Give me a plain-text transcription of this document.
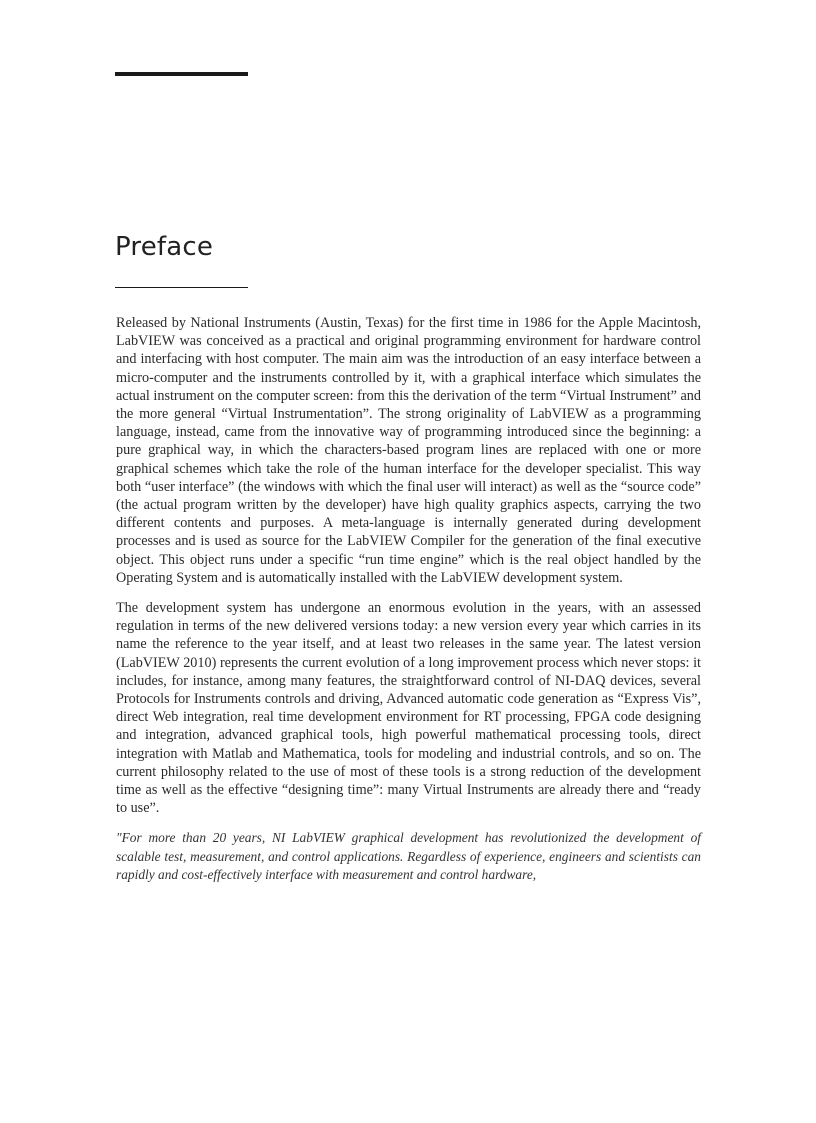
Preface

Released by National Instruments (Austin, Texas) for the first time in 1986 for the Apple Macintosh, LabVIEW was conceived as a practical and original programming environment for hardware control and interfacing with host computer. The main aim was the introduction of an easy interface between a micro-computer and the instruments controlled by it, with a graphical interface which simulates the actual instrument on the computer screen: from this the derivation of the term “Virtual Instrument” and the more general “Virtual Instrumentation”. The strong originality of LabVIEW as a programming language, instead, came from the innovative way of programming introduced since the beginning: a pure graphical way, in which the characters-based program lines are replaced with one or more graphical schemes which take the role of the human interface for the developer specialist. This way both “user interface” (the windows with which the final user will interact) as well as the “source code” (the actual program written by the developer) have high quality graphics aspects, carrying the two different contents and purposes. A meta-language is internally generated during development processes and is used as source for the LabVIEW Compiler for the generation of the final executive object. This object runs under a specific “run time engine” which is the real object handled by the Operating System and is automatically installed with the LabVIEW development system.

The development system has undergone an enormous evolution in the years, with an assessed regulation in terms of the new delivered versions today: a new version every year which carries in its name the reference to the year itself, and at least two releases in the same year. The latest version (LabVIEW 2010) represents the current evolution of a long improvement process which never stops: it includes, for instance, among many features, the straightforward control of NI-DAQ devices, several Protocols for Instruments controls and driving, Advanced automatic code generation as “Express Vis”, direct Web integration, real time development environment for RT processing, FPGA code designing and integration, advanced graphical tools, high powerful mathematical processing tools, direct integration with Matlab and Mathematica, tools for modeling and industrial controls, and so on. The current philosophy related to the use of most of these tools is a strong reduction of the development time as well as the effective “designing time”: many Virtual Instruments are already there and “ready to use”.

"For more than 20 years, NI LabVIEW graphical development has revolutionized the development of scalable test, measurement, and control applications. Regardless of experience, engineers and scientists can rapidly and cost-effectively interface with measurement and control hardware,
